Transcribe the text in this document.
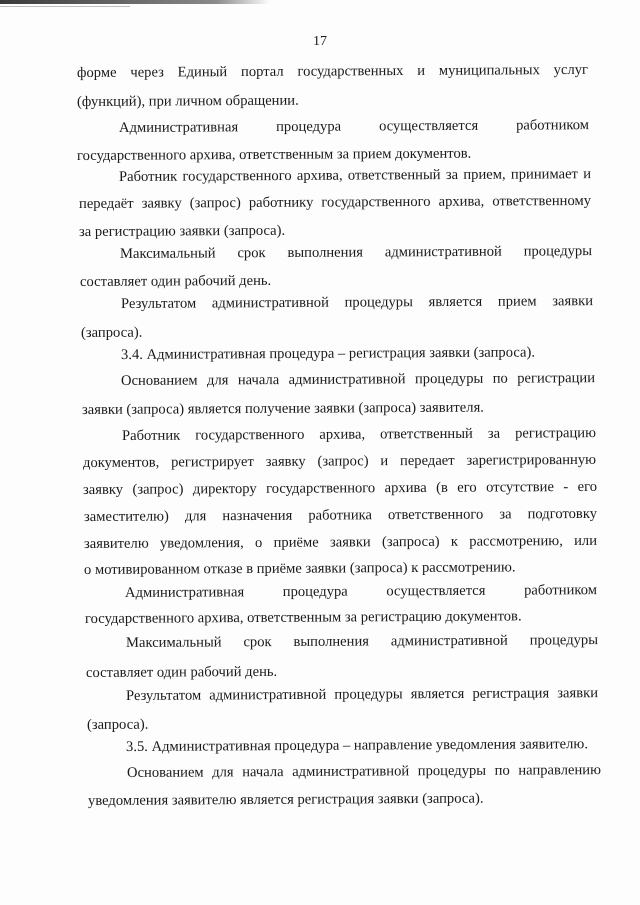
17
форме через Единый портал государственных и муниципальных услуг
(функций), при личном обращении.
Административная процедура осуществляется работником
государственного архива, ответственным за прием документов.
Работник государственного архива, ответственный за прием, принимает и
передаёт заявку (запрос) работнику государственного архива, ответственному
за регистрацию заявки (запроса).
Максимальный срок выполнения административной процедуры
составляет один рабочий день.
Результатом административной процедуры является прием заявки
(запроса).
3.4. Административная процедура – регистрация заявки (запроса).
Основанием для начала административной процедуры по регистрации
заявки (запроса) является получение заявки (запроса) заявителя.
Работник государственного архива, ответственный за регистрацию
документов, регистрирует заявку (запрос) и передает зарегистрированную
заявку (запрос) директору государственного архива (в его отсутствие - его
заместителю) для назначения работника ответственного за подготовку
заявителю уведомления, о приёме заявки (запроса) к рассмотрению, или
о мотивированном отказе в приёме заявки (запроса) к рассмотрению.
Административная процедура осуществляется работником
государственного архива, ответственным за регистрацию документов.
Максимальный срок выполнения административной процедуры
составляет один рабочий день.
Результатом административной процедуры является регистрация заявки
(запроса).
3.5. Административная процедура – направление уведомления заявителю.
Основанием для начала административной процедуры по направлению
уведомления заявителю является регистрация заявки (запроса).
